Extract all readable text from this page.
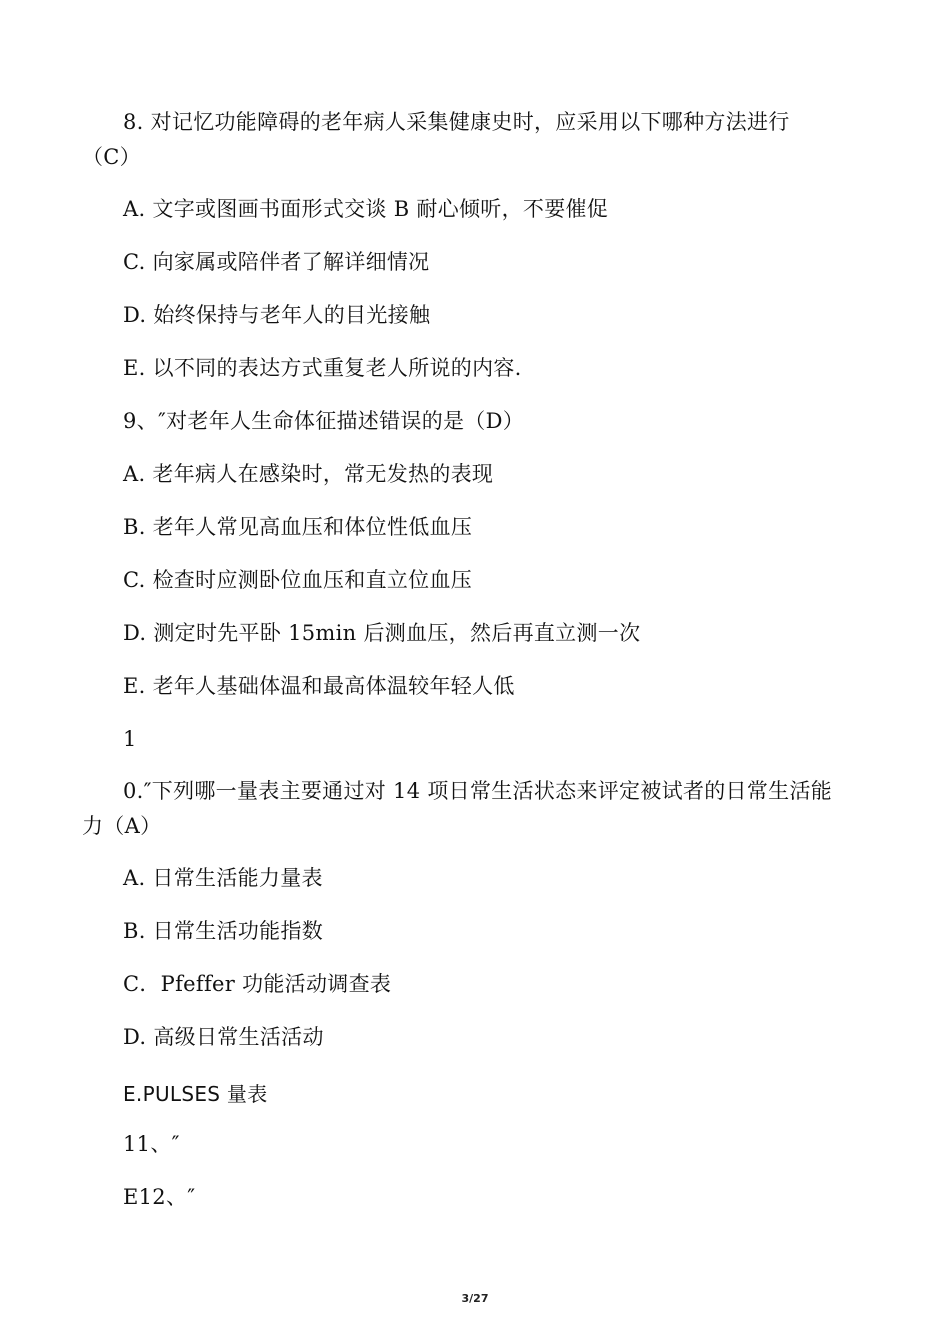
8. 对记忆功能障碍的老年病人采集健康史时，应采用以下哪种方法进行
（C）
A. 文字或图画书面形式交谈 B 耐心倾听，不要催促
C. 向家属或陪伴者了解详细情况
D. 始终保持与老年人的目光接触
E. 以不同的表达方式重复老人所说的内容.
9、″对老年人生命体征描述错误的是（D）
A. 老年病人在感染时，常无发热的表现
B. 老年人常见高血压和体位性低血压
C. 检查时应测卧位血压和直立位血压
D. 测定时先平卧 15min 后测血压，然后再直立测一次
E. 老年人基础体温和最高体温较年轻人低
1
0.″下列哪一量表主要通过对 14 项日常生活状态来评定被试者的日常生活能
力（A）
A. 日常生活能力量表
B. 日常生活功能指数
C．Pfeffer 功能活动调查表
D. 高级日常生活活动
E.PULSES 量表
11、″
E12、″
3/27
